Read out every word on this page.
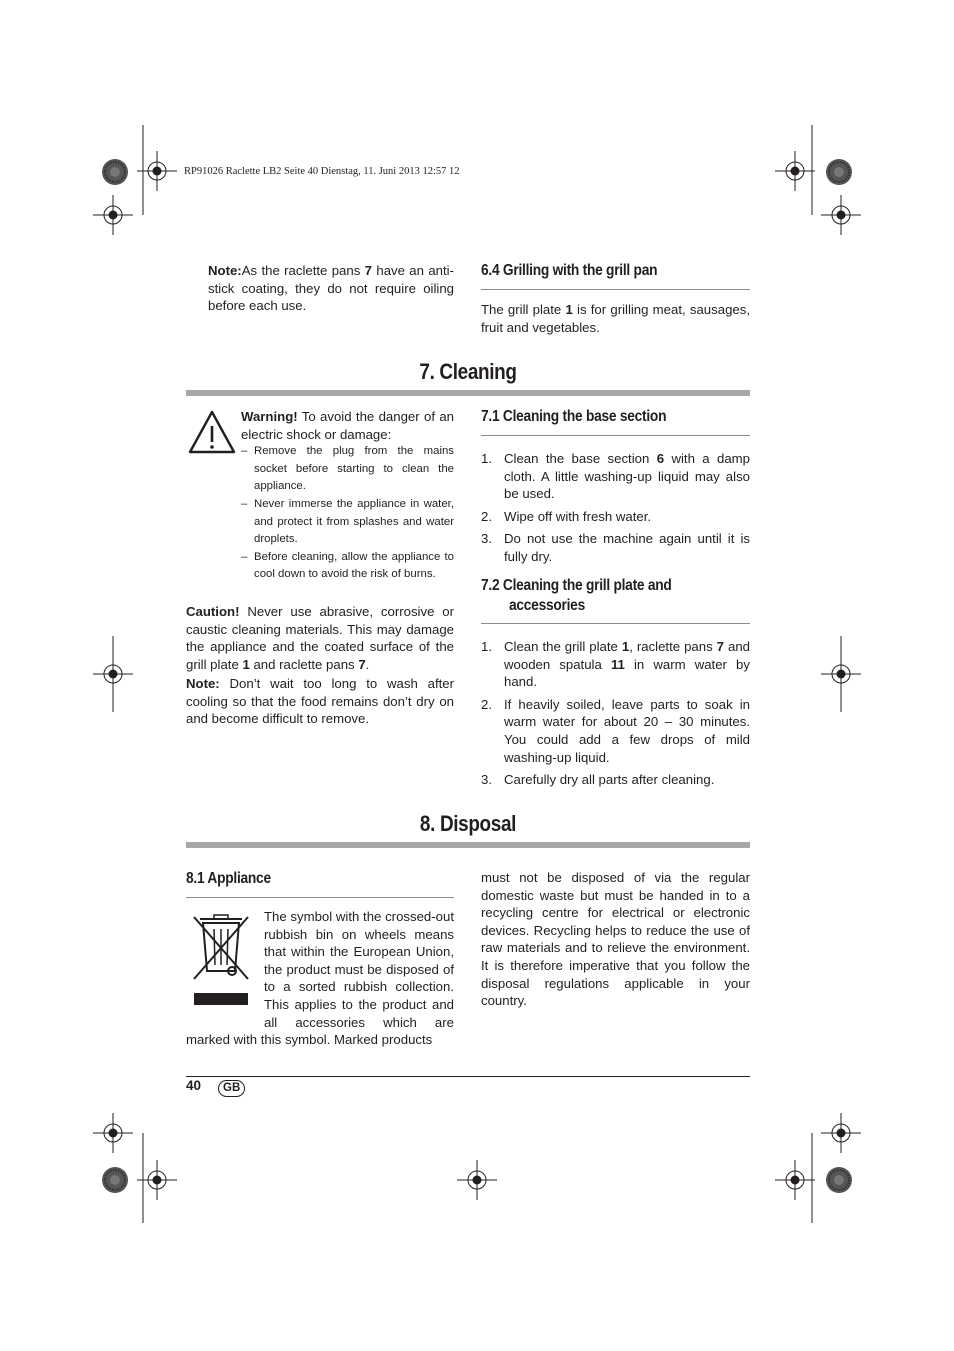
RP91026 Raclette LB2 Seite 40 Dienstag, 11. Juni 2013 12:57 12
Note:As the raclette pans 7 have an anti-stick coating, they do not require oiling before each use.
6.4 Grilling with the grill pan
The grill plate 1 is for grilling meat, sausages, fruit and vegetables.
7. Cleaning
Warning! To avoid the danger of an electric shock or damage:
– Remove the plug from the mains socket before starting to clean the appliance.
– Never immerse the appliance in water, and protect it from splashes and water droplets.
– Before cleaning, allow the appliance to cool down to avoid the risk of burns.
Caution! Never use abrasive, corrosive or caustic cleaning materials. This may damage the appliance and the coated surface of the grill plate 1 and raclette pans 7.
Note: Don’t wait too long to wash after cooling so that the food remains don’t dry on and become difficult to remove.
7.1 Cleaning the base section
1. Clean the base section 6 with a damp cloth. A little washing-up liquid may also be used.
2. Wipe off with fresh water.
3. Do not use the machine again until it is fully dry.
7.2 Cleaning the grill plate and
accessories
1. Clean the grill plate 1, raclette pans 7 and wooden spatula 11 in warm water by hand.
2. If heavily soiled, leave parts to soak in warm water for about 20 – 30 minutes. You could add a few drops of mild washing-up liquid.
3. Carefully dry all parts after cleaning.
8. Disposal
8.1 Appliance
The symbol with the crossed-out rubbish bin on wheels means that within the European Union, the product must be disposed of to a sorted rubbish collection. This applies to the product and all accessories which are marked with this symbol. Marked products
must not be disposed of via the regular domestic waste but must be handed in to a recycling centre for electrical or electronic devices. Recycling helps to reduce the use of raw materials and to relieve the environment. It is therefore imperative that you follow the disposal regulations applicable in your country.
40	GB
